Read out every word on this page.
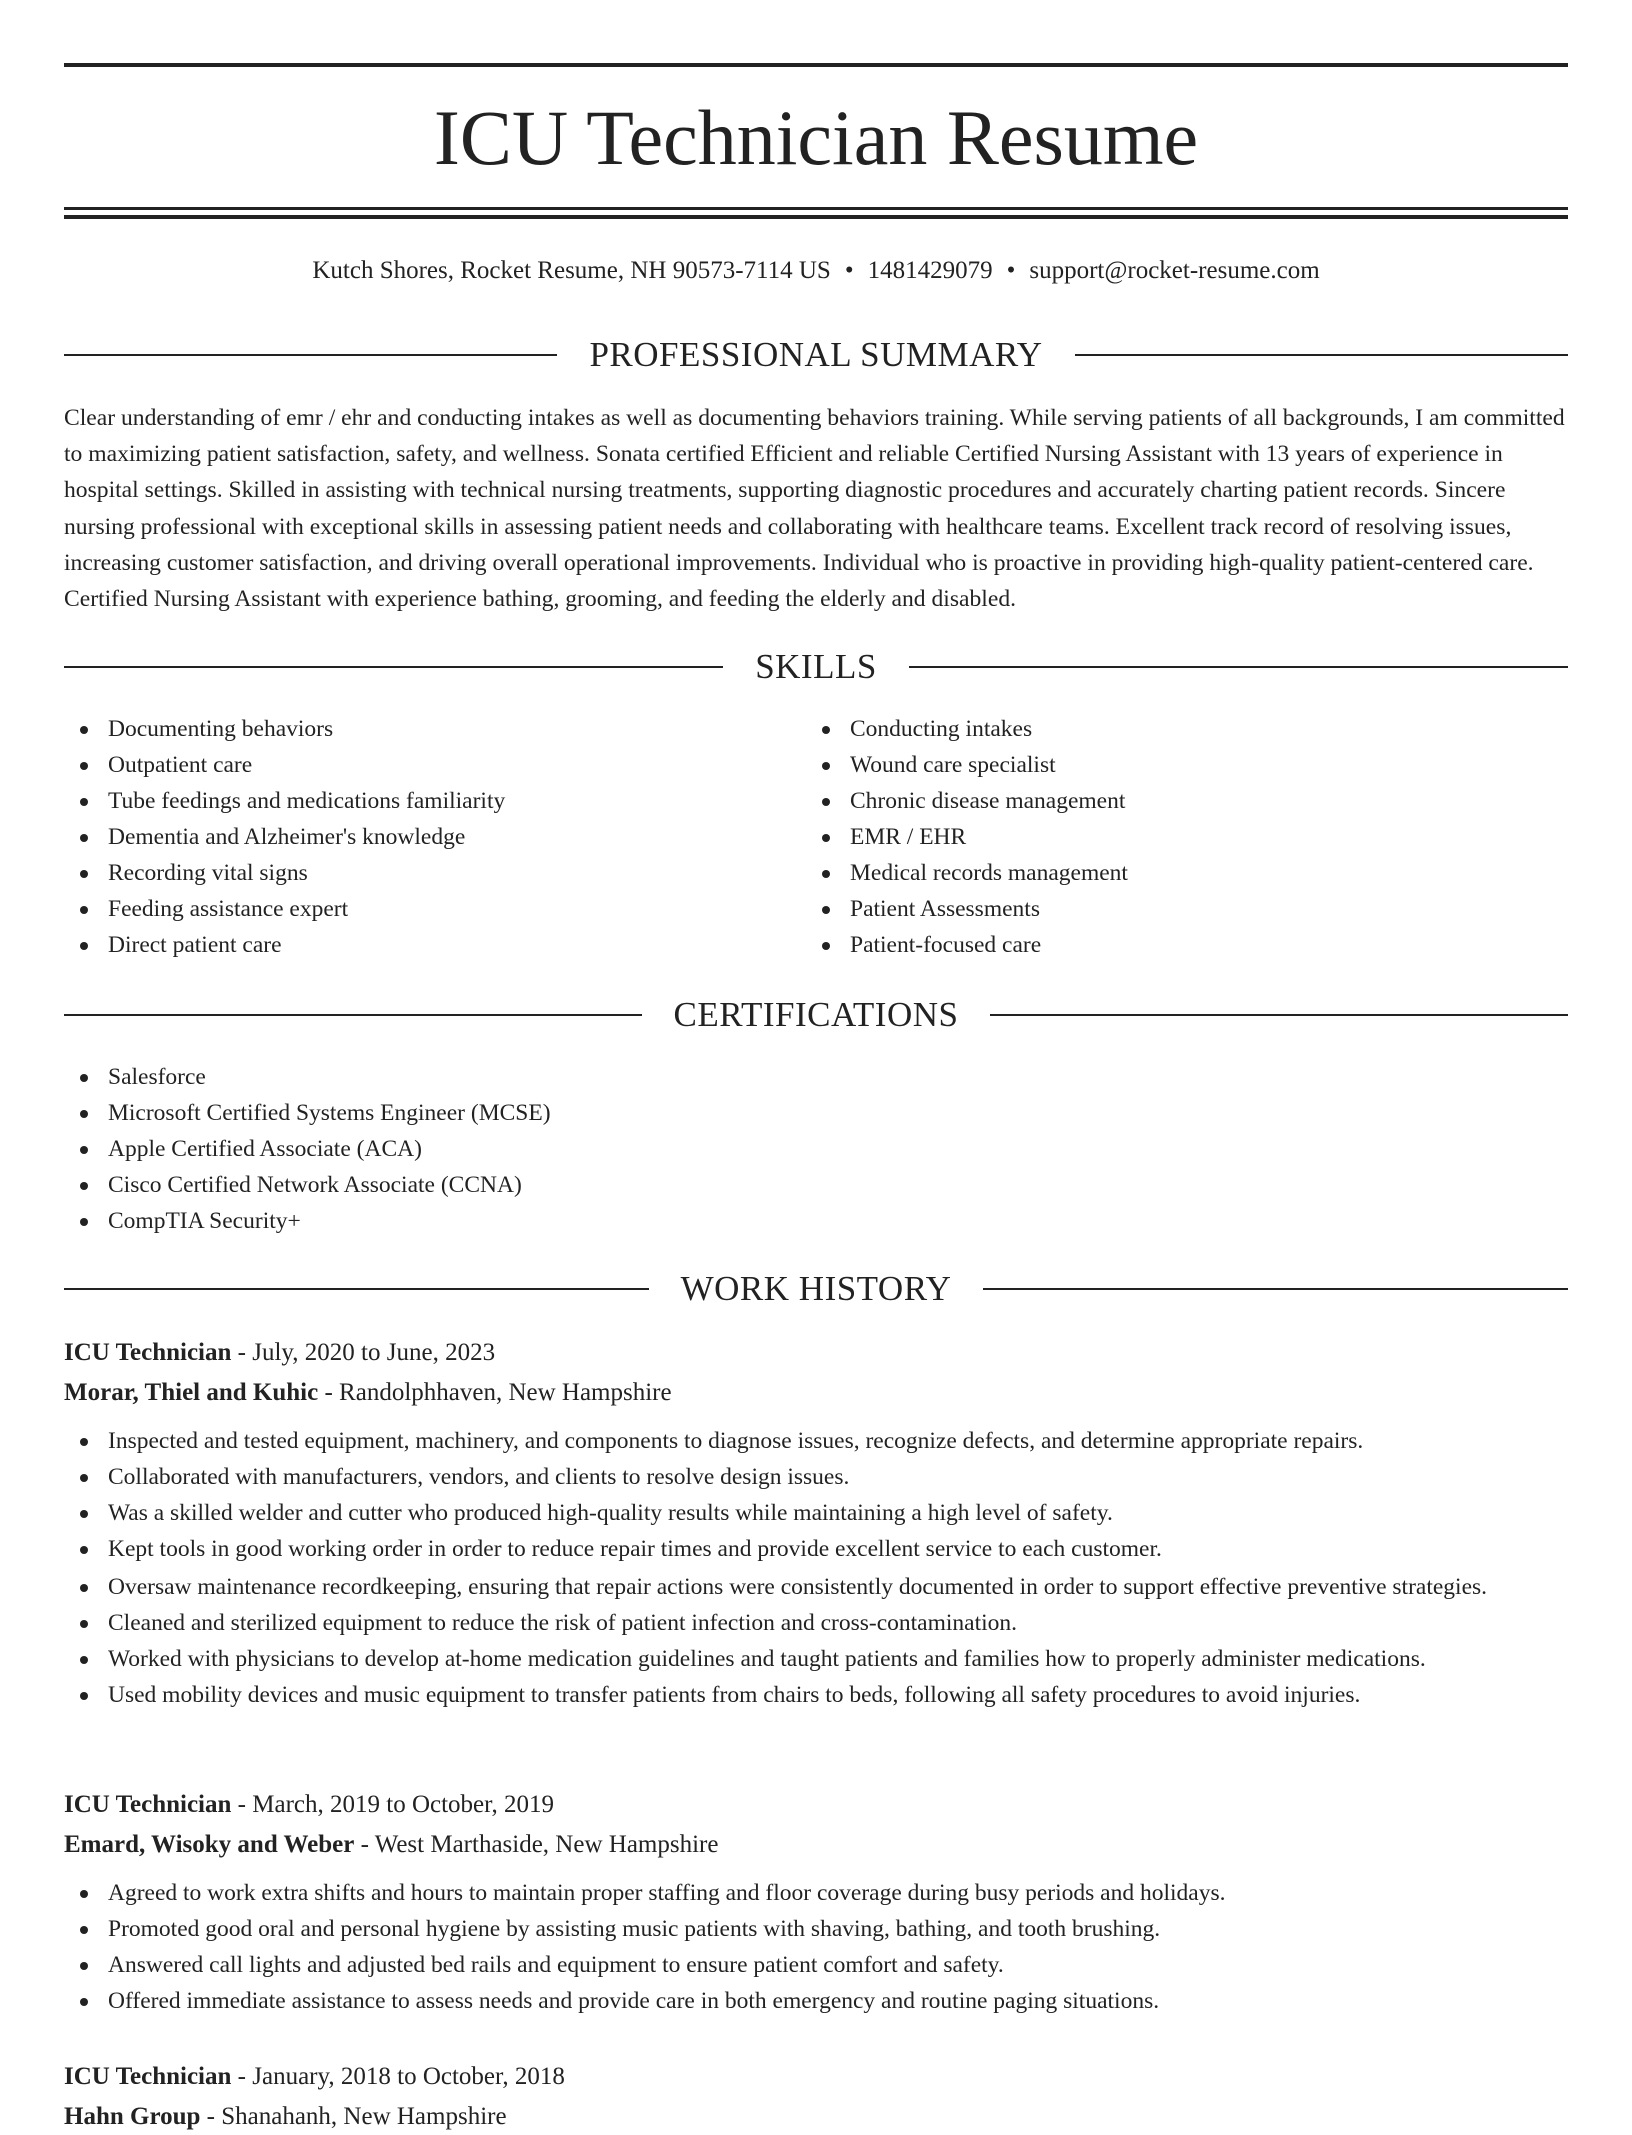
ICU Technician Resume
Kutch Shores, Rocket Resume, NH 90573-7114 US • 1481429079 • support@rocket-resume.com
PROFESSIONAL SUMMARY

Clear understanding of emr / ehr and conducting intakes as well as documenting behaviors training. While serving patients of all backgrounds, I am committed to maximizing patient satisfaction, safety, and wellness. Sonata certified Efficient and reliable Certified Nursing Assistant with 13 years of experience in hospital settings. Skilled in assisting with technical nursing treatments, supporting diagnostic procedures and accurately charting patient records. Sincere nursing professional with exceptional skills in assessing patient needs and collaborating with healthcare teams. Excellent track record of resolving issues, increasing customer satisfaction, and driving overall operational improvements. Individual who is proactive in providing high-quality patient-centered care. Certified Nursing Assistant with experience bathing, grooming, and feeding the elderly and disabled.

SKILLS
Documenting behaviors
Outpatient care
Tube feedings and medications familiarity
Dementia and Alzheimer's knowledge
Recording vital signs
Feeding assistance expert
Direct patient care
Conducting intakes
Wound care specialist
Chronic disease management
EMR / EHR
Medical records management
Patient Assessments
Patient-focused care
CERTIFICATIONS
Salesforce
Microsoft Certified Systems Engineer (MCSE)
Apple Certified Associate (ACA)
Cisco Certified Network Associate (CCNA)
CompTIA Security+
WORK HISTORY

ICU Technician - July, 2020 to June, 2023

Morar, Thiel and Kuhic - Randolphhaven, New Hampshire

Inspected and tested equipment, machinery, and components to diagnose issues, recognize defects, and determine appropriate repairs.
Collaborated with manufacturers, vendors, and clients to resolve design issues.
Was a skilled welder and cutter who produced high-quality results while maintaining a high level of safety.
Kept tools in good working order in order to reduce repair times and provide excellent service to each customer.
Oversaw maintenance recordkeeping, ensuring that repair actions were consistently documented in order to support effective preventive strategies.
Cleaned and sterilized equipment to reduce the risk of patient infection and cross-contamination.
Worked with physicians to develop at-home medication guidelines and taught patients and families how to properly administer medications.
Used mobility devices and music equipment to transfer patients from chairs to beds, following all safety procedures to avoid injuries.

ICU Technician - March, 2019 to October, 2019

Emard, Wisoky and Weber - West Marthaside, New Hampshire

Agreed to work extra shifts and hours to maintain proper staffing and floor coverage during busy periods and holidays.
Promoted good oral and personal hygiene by assisting music patients with shaving, bathing, and tooth brushing.
Answered call lights and adjusted bed rails and equipment to ensure patient comfort and safety.
Offered immediate assistance to assess needs and provide care in both emergency and routine paging situations.

ICU Technician - January, 2018 to October, 2018

Hahn Group - Shanahanh, New Hampshire
